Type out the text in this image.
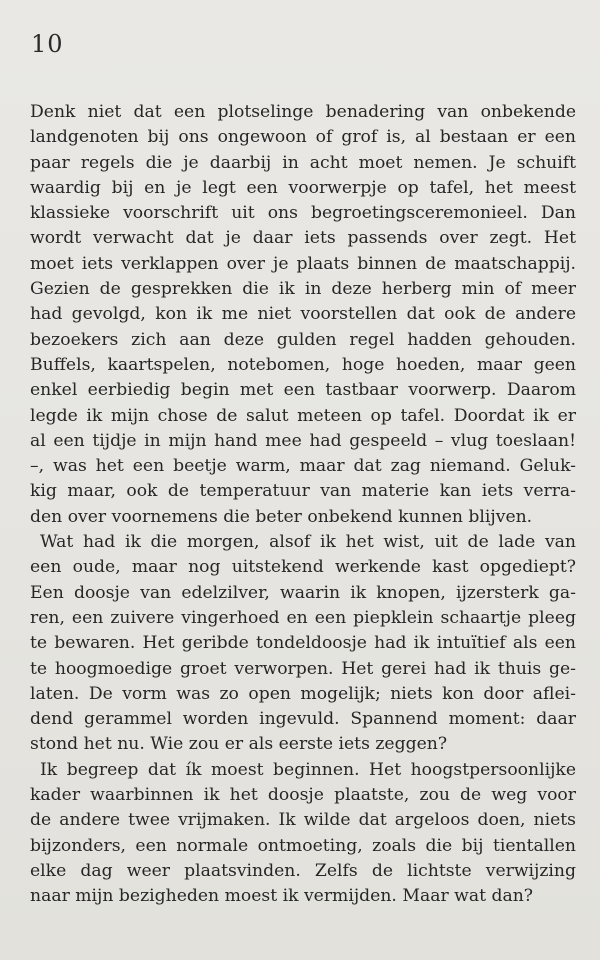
10
Denk niet dat een plotselinge benadering van onbekende
landgenoten bij ons ongewoon of grof is, al bestaan er een
paar regels die je daarbij in acht moet nemen. Je schuift
waardig bij en je legt een voorwerpje op tafel, het meest
klassieke voorschrift uit ons begroetingsceremonieel. Dan
wordt verwacht dat je daar iets passends over zegt. Het
moet iets verklappen over je plaats binnen de maatschappij.
Gezien de gesprekken die ik in deze herberg min of meer
had gevolgd, kon ik me niet voorstellen dat ook de andere
bezoekers zich aan deze gulden regel hadden gehouden.
Buffels, kaartspelen, notebomen, hoge hoeden, maar geen
enkel eerbiedig begin met een tastbaar voorwerp. Daarom
legde ik mijn chose de salut meteen op tafel. Doordat ik er
al een tijdje in mijn hand mee had gespeeld – vlug toeslaan!
–, was het een beetje warm, maar dat zag niemand. Geluk-
kig maar, ook de temperatuur van materie kan iets verra-
den over voornemens die beter onbekend kunnen blijven.
Wat had ik die morgen, alsof ik het wist, uit de lade van
een oude, maar nog uitstekend werkende kast opgediept?
Een doosje van edelzilver, waarin ik knopen, ijzersterk ga-
ren, een zuivere vingerhoed en een piepklein schaartje pleeg
te bewaren. Het geribde tondeldoosje had ik intuïtief als een
te hoogmoedige groet verworpen. Het gerei had ik thuis ge-
laten. De vorm was zo open mogelijk; niets kon door aflei-
dend gerammel worden ingevuld. Spannend moment: daar
stond het nu. Wie zou er als eerste iets zeggen?
Ik begreep dat ík moest beginnen. Het hoogstpersoonlijke
kader waarbinnen ik het doosje plaatste, zou de weg voor
de andere twee vrijmaken. Ik wilde dat argeloos doen, niets
bijzonders, een normale ontmoeting, zoals die bij tientallen
elke dag weer plaatsvinden. Zelfs de lichtste verwijzing
naar mijn bezigheden moest ik vermijden. Maar wat dan?
